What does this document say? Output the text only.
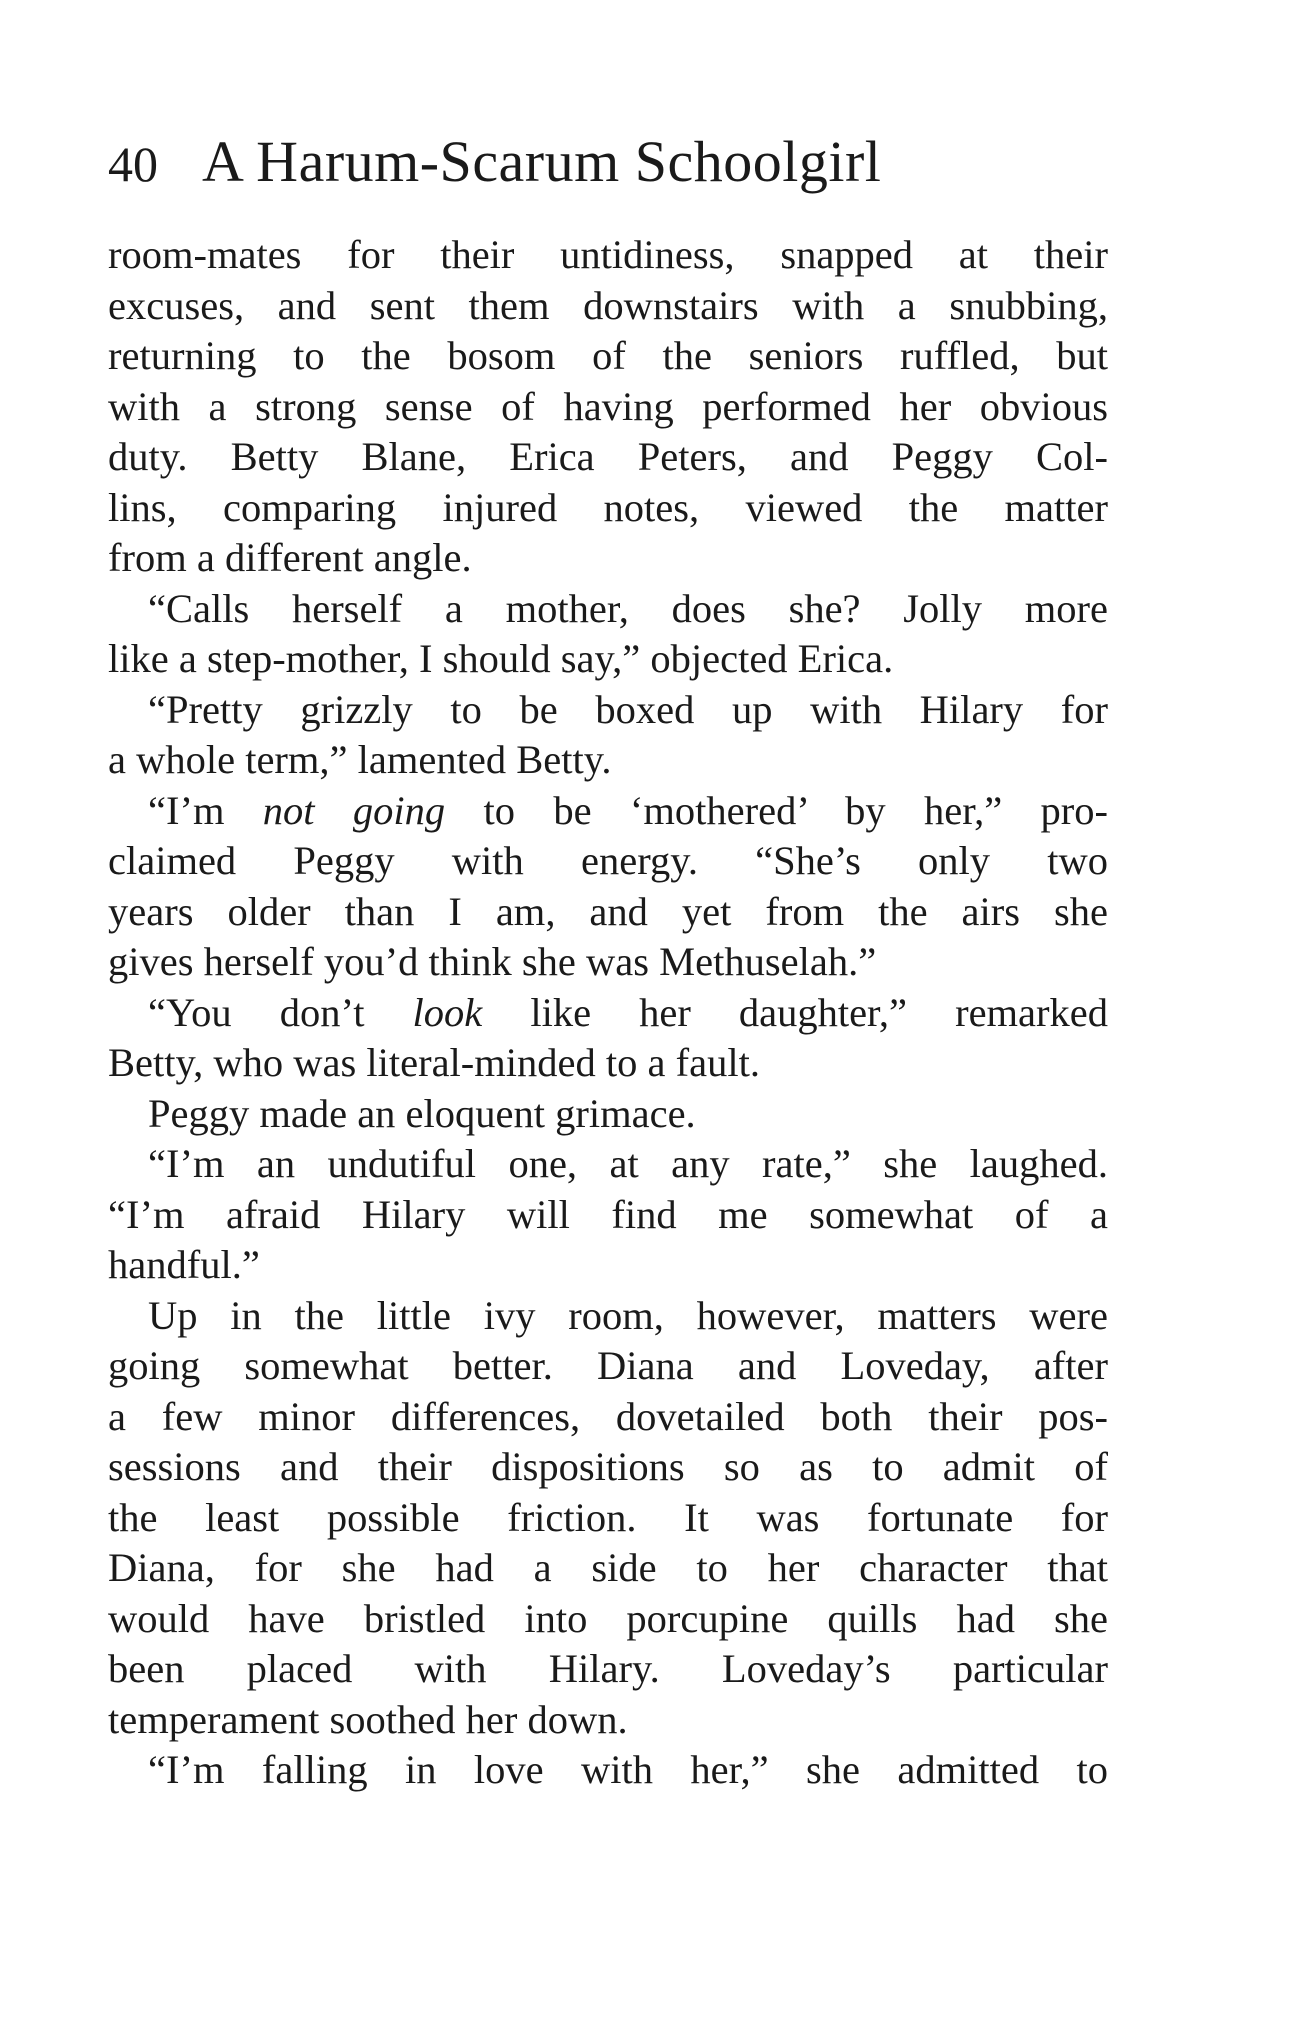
40 A Harum-Scarum Schoolgirl
room-mates for their untidiness, snapped at their
excuses, and sent them downstairs with a snubbing,
returning to the bosom of the seniors ruffled, but
with a strong sense of having performed her obvious
duty. Betty Blane, Erica Peters, and Peggy Col-
lins, comparing injured notes, viewed the matter
from a different angle.
“Calls herself a mother, does she? Jolly more
like a step-mother, I should say,” objected Erica.
“Pretty grizzly to be boxed up with Hilary for
a whole term,” lamented Betty.
“I’m not going to be ‘mothered’ by her,” pro-
claimed Peggy with energy. “She’s only two
years older than I am, and yet from the airs she
gives herself you’d think she was Methuselah.”
“You don’t look like her daughter,” remarked
Betty, who was literal-minded to a fault.
Peggy made an eloquent grimace.
“I’m an undutiful one, at any rate,” she laughed.
“I’m afraid Hilary will find me somewhat of a
handful.”
Up in the little ivy room, however, matters were
going somewhat better. Diana and Loveday, after
a few minor differences, dovetailed both their pos-
sessions and their dispositions so as to admit of
the least possible friction. It was fortunate for
Diana, for she had a side to her character that
would have bristled into porcupine quills had she
been placed with Hilary. Loveday’s particular
temperament soothed her down.
“I’m falling in love with her,” she admitted to
